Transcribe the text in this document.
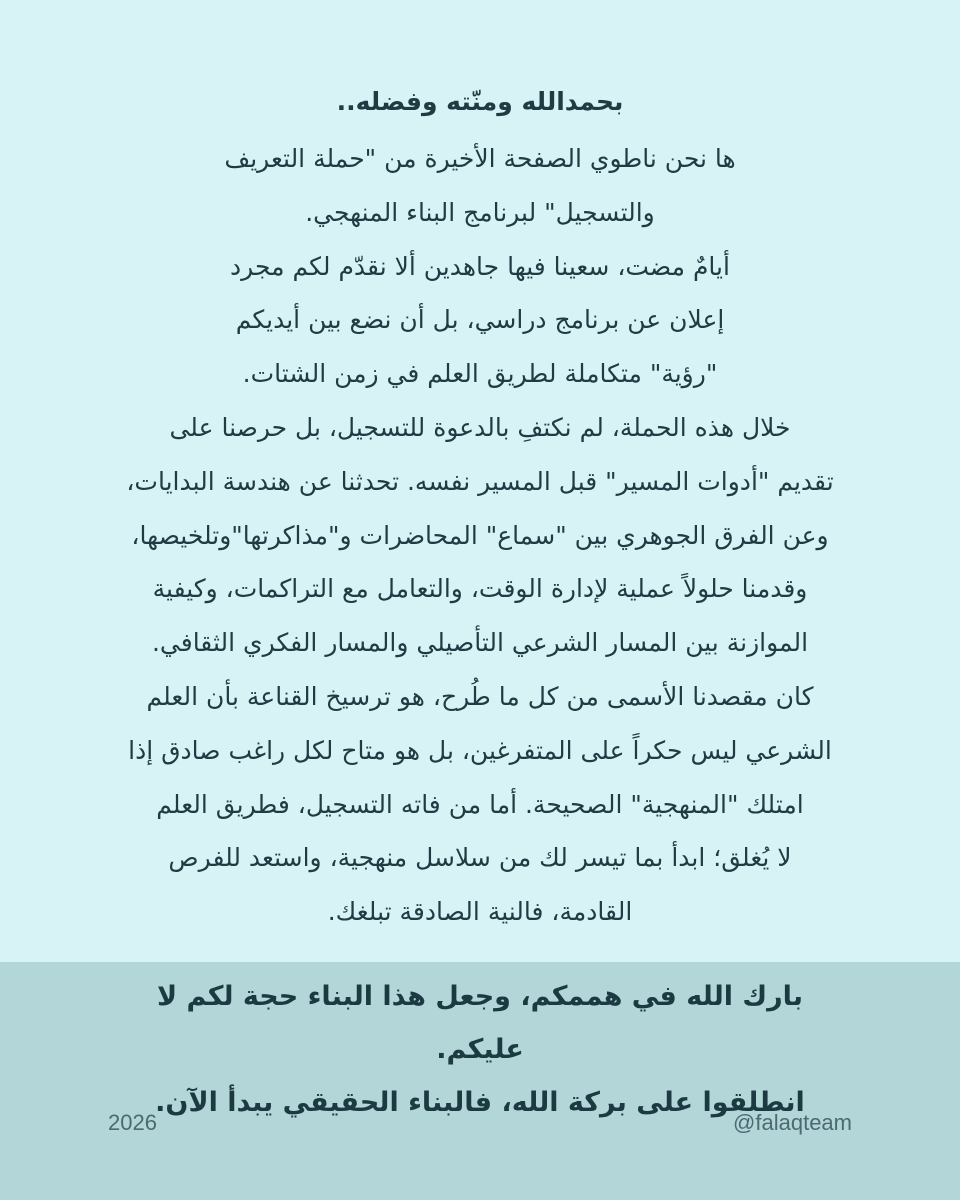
بحمدالله ومنّته وفضله..

ها نحن ناطوي الصفحة الأخيرة من "حملة التعريف
والتسجيل" لبرنامج البناء المنهجي.

أيامٌ مضت، سعينا فيها جاهدين ألا نقدّم لكم مجرد
إعلان عن برنامج دراسي، بل أن نضع بين أيديكم
"رؤية" متكاملة لطريق العلم في زمن الشتات.

خلال هذه الحملة، لم نكتفِ بالدعوة للتسجيل، بل حرصنا على
تقديم "أدوات المسير" قبل المسير نفسه. تحدثنا عن هندسة البدايات،
وعن الفرق الجوهري بين "سماع" المحاضرات و"مذاكرتها"وتلخيصها،
وقدمنا حلولاً عملية لإدارة الوقت، والتعامل مع التراكمات، وكيفية
الموازنة بين المسار الشرعي التأصيلي والمسار الفكري الثقافي.

كان مقصدنا الأسمى من كل ما طُرح، هو ترسيخ القناعة بأن العلم
الشرعي ليس حكراً على المتفرغين، بل هو متاح لكل راغب صادق إذا
امتلك "المنهجية" الصحيحة. أما من فاته التسجيل، فطريق العلم
لا يُغلق؛ ابدأ بما تيسر لك من سلاسل منهجية، واستعد للفرص
القادمة، فالنية الصادقة تبلغك.

بارك الله في هممكم، وجعل هذا البناء حجة لكم لا عليكم.
انطلقوا على بركة الله، فالبناء الحقيقي يبدأ الآن.
2026	@falaqteam
